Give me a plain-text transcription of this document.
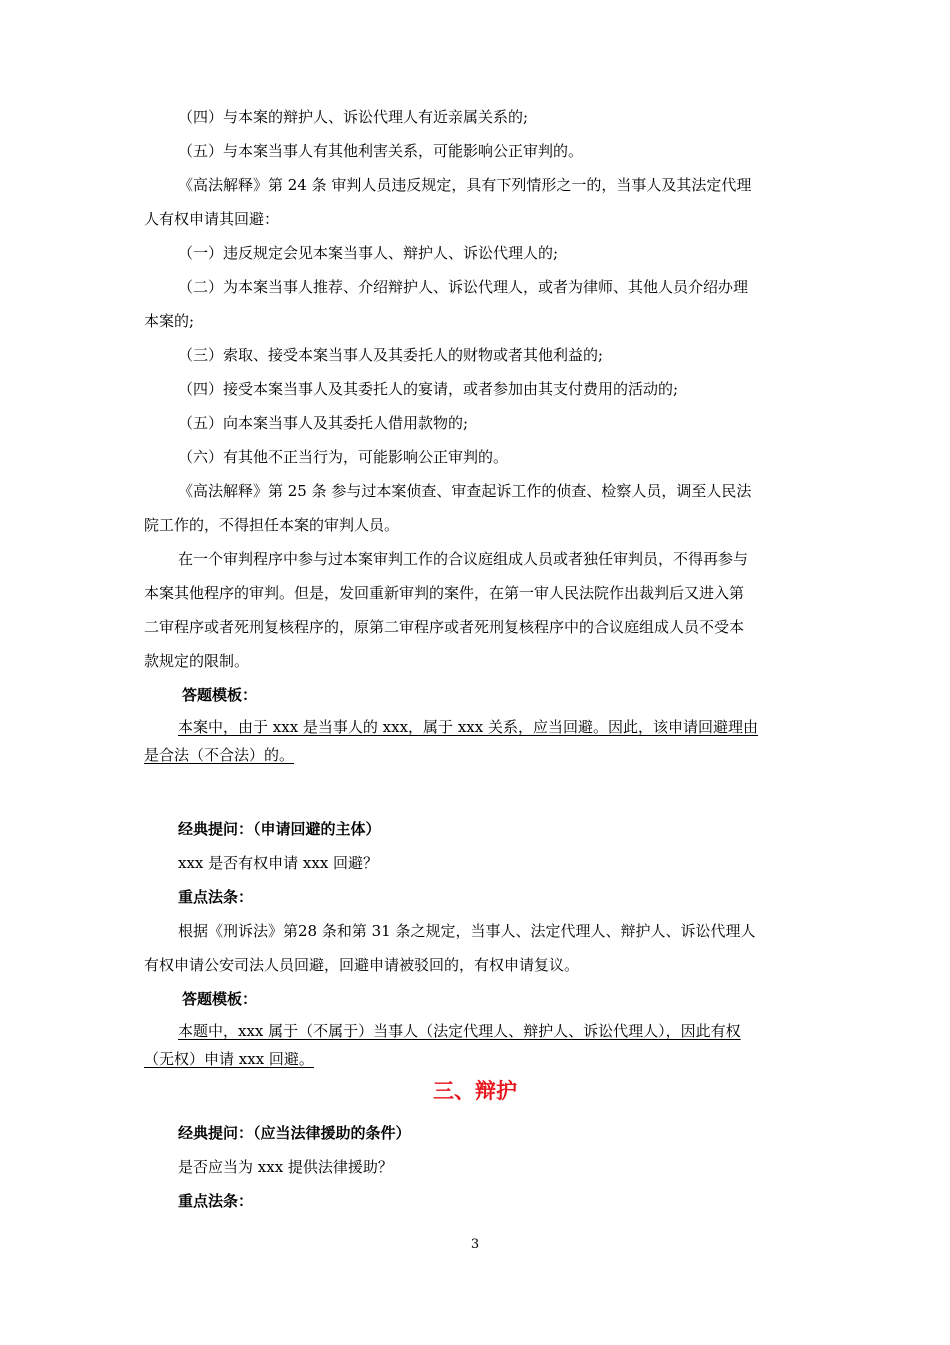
（四）与本案的辩护人、诉讼代理人有近亲属关系的;
（五）与本案当事人有其他利害关系，可能影响公正审判的。
《高法解释》第 24 条 审判人员违反规定，具有下列情形之一的，当事人及其法定代理
人有权申请其回避：
（一）违反规定会见本案当事人、辩护人、诉讼代理人的;
（二）为本案当事人推荐、介绍辩护人、诉讼代理人，或者为律师、其他人员介绍办理
本案的;
（三）索取、接受本案当事人及其委托人的财物或者其他利益的;
（四）接受本案当事人及其委托人的宴请，或者参加由其支付费用的活动的;
（五）向本案当事人及其委托人借用款物的;
（六）有其他不正当行为，可能影响公正审判的。
《高法解释》第 25 条 参与过本案侦查、审查起诉工作的侦查、检察人员，调至人民法
院工作的，不得担任本案的审判人员。
在一个审判程序中参与过本案审判工作的合议庭组成人员或者独任审判员，不得再参与
本案其他程序的审判。但是，发回重新审判的案件，在第一审人民法院作出裁判后又进入第
二审程序或者死刑复核程序的，原第二审程序或者死刑复核程序中的合议庭组成人员不受本
款规定的限制。
答题模板：
本案中，由于 xxx 是当事人的 xxx，属于 xxx 关系，应当回避。因此，该申请回避理由
是合法（不合法）的。
经典提问：（申请回避的主体）
xxx 是否有权申请 xxx 回避？
重点法条：
根据《刑诉法》第28 条和第 31 条之规定，当事人、法定代理人、辩护人、诉讼代理人
有权申请公安司法人员回避，回避申请被驳回的，有权申请复议。
答题模板：
本题中，xxx 属于（不属于）当事人（法定代理人、辩护人、诉讼代理人），因此有权
（无权）申请 xxx 回避。
三、辩护
经典提问：（应当法律援助的条件）
是否应当为 xxx 提供法律援助？
重点法条：
3
